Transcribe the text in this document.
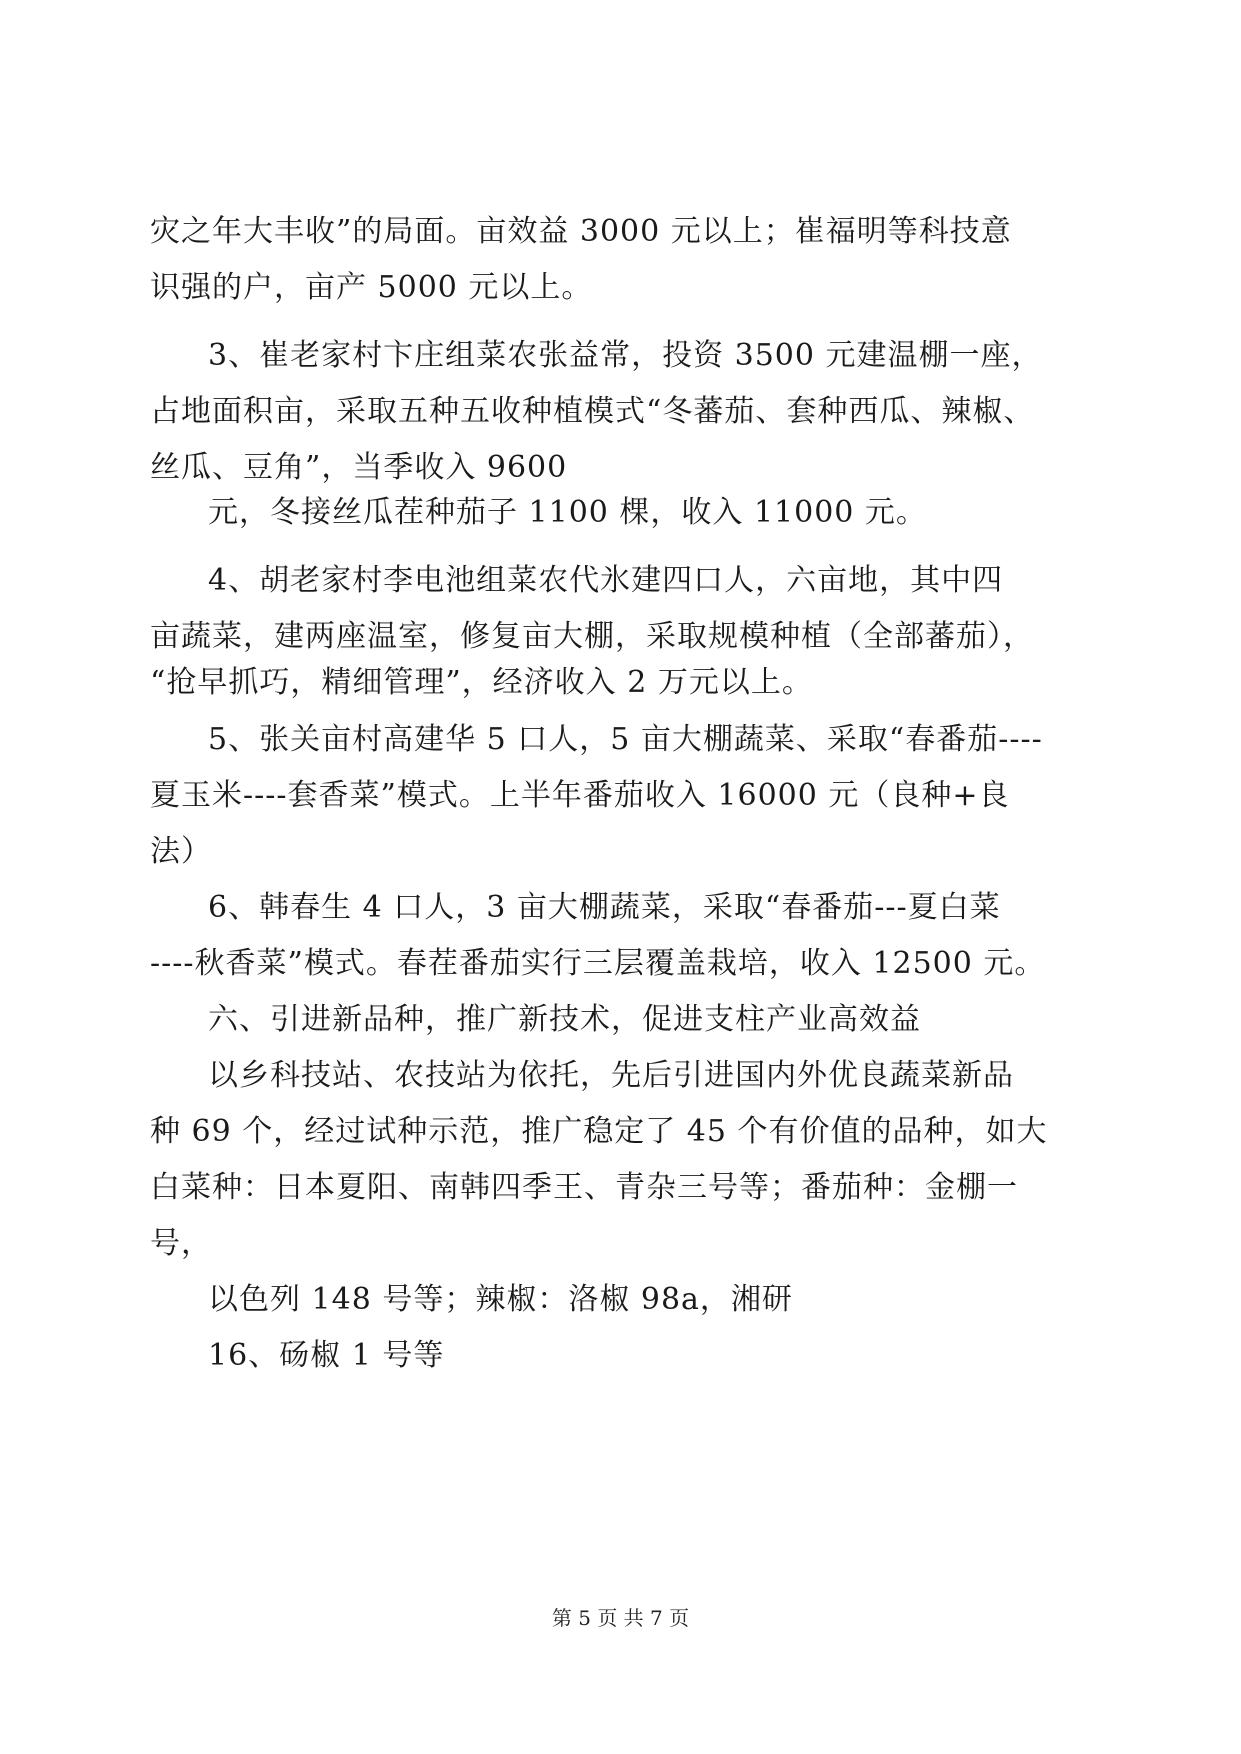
灾之年大丰收”的局面。亩效益 3000 元以上；崔福明等科技意
识强的户，亩产 5000 元以上。
3、崔老家村卞庄组菜农张益常，投资 3500 元建温棚一座，
占地面积亩，采取五种五收种植模式“冬蕃茄、套种西瓜、辣椒、
丝瓜、豆角”，当季收入 9600
元，冬接丝瓜茬种茄子 1100 棵，收入 11000 元。
4、胡老家村李电池组菜农代氷建四口人，六亩地，其中四
亩蔬菜，建两座温室，修复亩大棚，采取规模种植（全部蕃茄），
“抢早抓巧，精细管理”，经济收入 2 万元以上。
5、张关亩村高建华 5 口人，5 亩大棚蔬菜、采取“春番茄----
夏玉米----套香菜”模式。上半年番茄收入 16000 元（良种+良
法）
6、韩春生 4 口人，3 亩大棚蔬菜，采取“春番茄---夏白菜
----秋香菜”模式。春茬番茄实行三层覆盖栽培，收入 12500 元。
六、引进新品种，推广新技术，促进支柱产业高效益
以乡科技站、农技站为依托，先后引进国内外优良蔬菜新品
种 69 个，经过试种示范，推广稳定了 45 个有价值的品种，如大
白菜种：日本夏阳、南韩四季王、青杂三号等；番茄种：金棚一
号，
以色列 148 号等；辣椒：洛椒 98a，湘研
16、砀椒 1 号等
第 5 页 共 7 页
